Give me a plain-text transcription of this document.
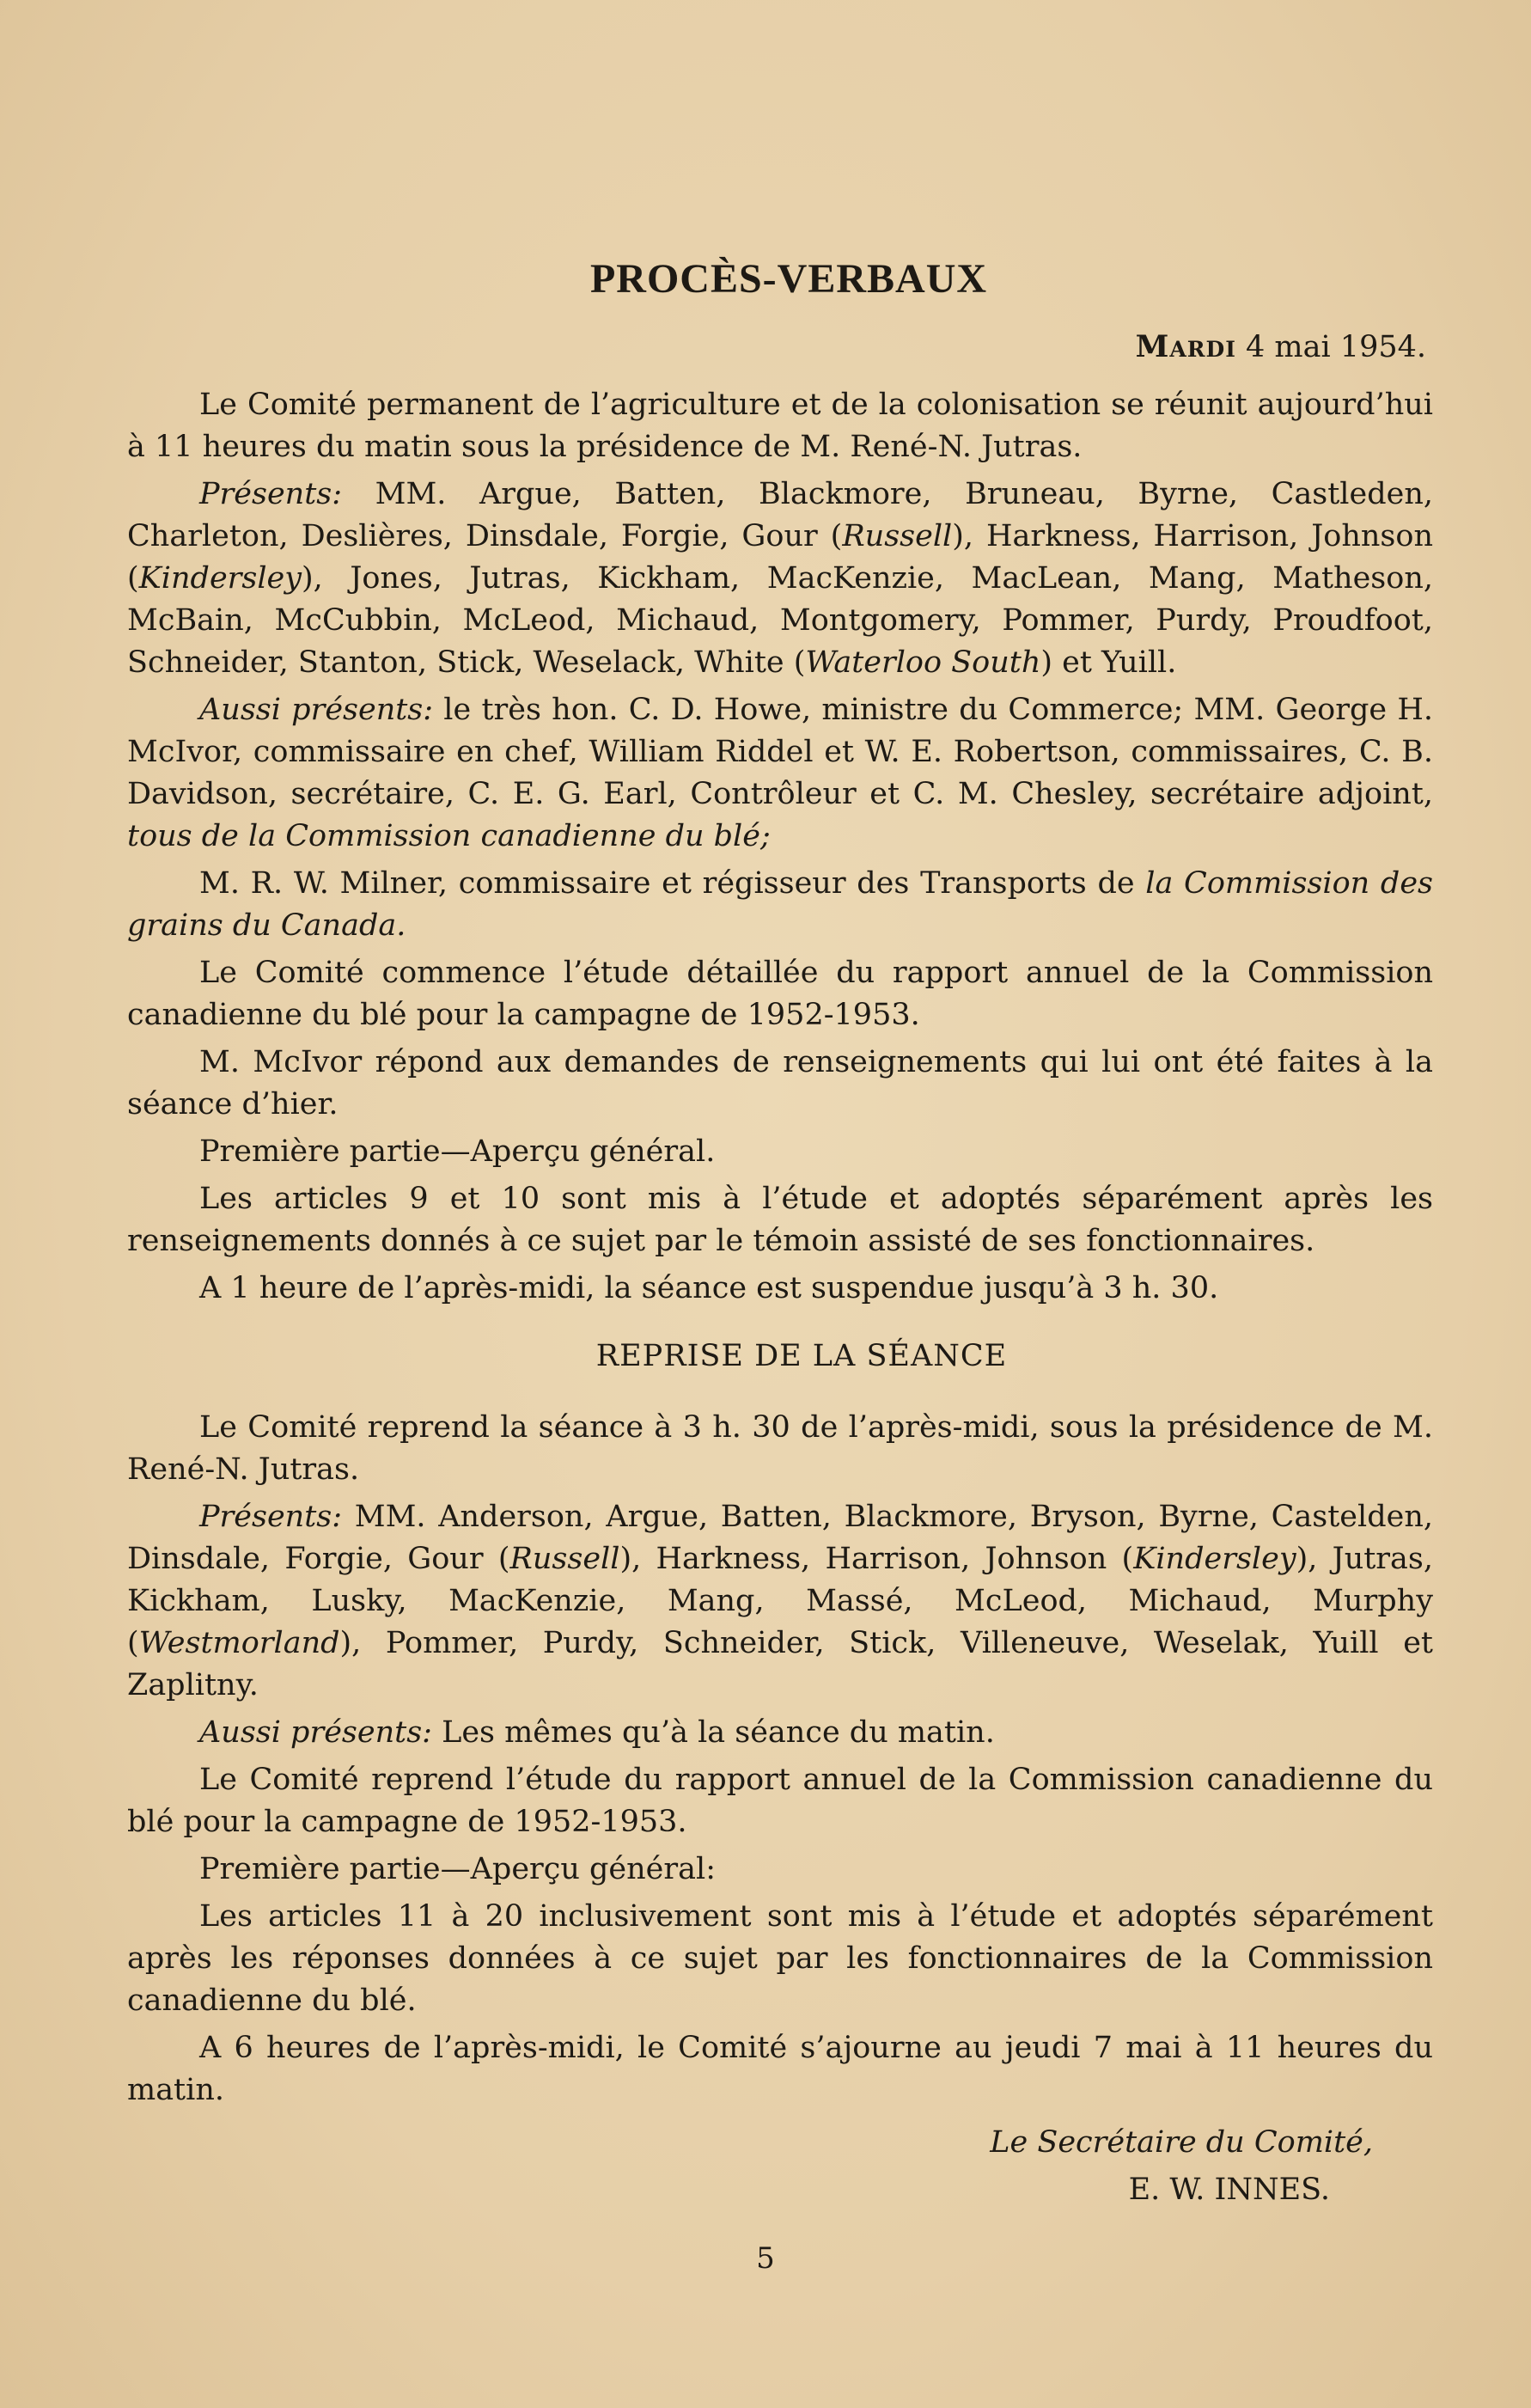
PROCÈS-VERBAUX
Mardi 4 mai 1954.

Le Comité permanent de l’agriculture et de la colonisation se réunit aujourd’hui à 11 heures du matin sous la présidence de M. René-N. Jutras.

Présents: MM. Argue, Batten, Blackmore, Bruneau, Byrne, Castleden, Charleton, Deslières, Dinsdale, Forgie, Gour (Russell), Harkness, Harrison, Johnson (Kindersley), Jones, Jutras, Kickham, MacKenzie, MacLean, Mang, Matheson, McBain, McCubbin, McLeod, Michaud, Montgomery, Pommer, Purdy, Proudfoot, Schneider, Stanton, Stick, Weselack, White (Waterloo South) et Yuill.

Aussi présents: le très hon. C. D. Howe, ministre du Commerce; MM. George H. McIvor, commissaire en chef, William Riddel et W. E. Robertson, commissaires, C. B. Davidson, secrétaire, C. E. G. Earl, Contrôleur et C. M. Chesley, secrétaire adjoint, tous de la Commission canadienne du blé;

M. R. W. Milner, commissaire et régisseur des Transports de la Commission des grains du Canada.

Le Comité commence l’étude détaillée du rapport annuel de la Commission canadienne du blé pour la campagne de 1952-1953.

M. McIvor répond aux demandes de renseignements qui lui ont été faites à la séance d’hier.

Première partie—Aperçu général.

Les articles 9 et 10 sont mis à l’étude et adoptés séparément après les renseignements donnés à ce sujet par le témoin assisté de ses fonctionnaires.

A 1 heure de l’après-midi, la séance est suspendue jusqu’à 3 h. 30.

REPRISE DE LA SÉANCE

Le Comité reprend la séance à 3 h. 30 de l’après-midi, sous la présidence de M. René-N. Jutras.

Présents: MM. Anderson, Argue, Batten, Blackmore, Bryson, Byrne, Castelden, Dinsdale, Forgie, Gour (Russell), Harkness, Harrison, Johnson (Kindersley), Jutras, Kickham, Lusky, MacKenzie, Mang, Massé, McLeod, Michaud, Murphy (Westmorland), Pommer, Purdy, Schneider, Stick, Villeneuve, Weselak, Yuill et Zaplitny.

Aussi présents: Les mêmes qu’à la séance du matin.

Le Comité reprend l’étude du rapport annuel de la Commission canadienne du blé pour la campagne de 1952-1953.

Première partie—Aperçu général:

Les articles 11 à 20 inclusivement sont mis à l’étude et adoptés séparément après les réponses données à ce sujet par les fonctionnaires de la Commission canadienne du blé.

A 6 heures de l’après-midi, le Comité s’ajourne au jeudi 7 mai à 11 heures du matin.

Le Secrétaire du Comité,

E. W. INNES.

5
